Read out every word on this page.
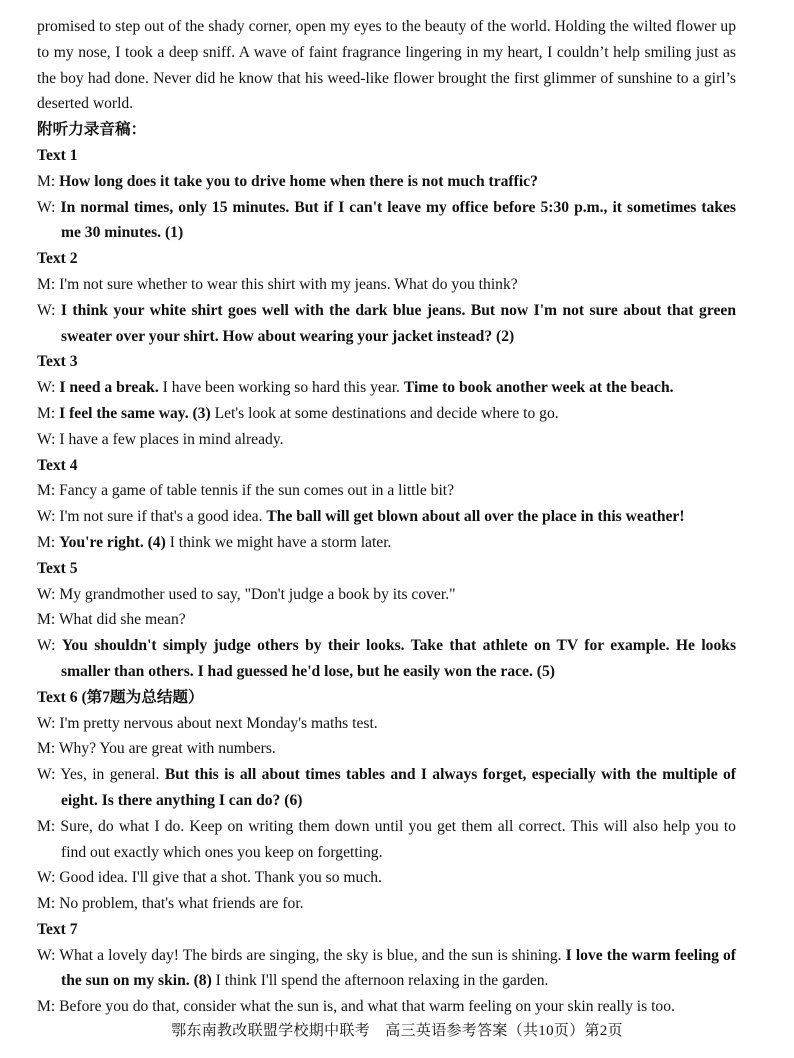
promised to step out of the shady corner, open my eyes to the beauty of the world. Holding the wilted flower up to my nose, I took a deep sniff. A wave of faint fragrance lingering in my heart, I couldn’t help smiling just as the boy had done. Never did he know that his weed-like flower brought the first glimmer of sunshine to a girl’s deserted world.

附听力录音稿：

Text 1

M: How long does it take you to drive home when there is not much traffic?

W: In normal times, only 15 minutes. But if I can't leave my office before 5:30 p.m., it sometimes takes me 30 minutes. (1)

Text 2

M: I'm not sure whether to wear this shirt with my jeans. What do you think?

W: I think your white shirt goes well with the dark blue jeans. But now I'm not sure about that green sweater over your shirt. How about wearing your jacket instead? (2)

Text 3

W: I need a break. I have been working so hard this year. Time to book another week at the beach.

M: I feel the same way. (3) Let's look at some destinations and decide where to go.

W: I have a few places in mind already.

Text 4

M: Fancy a game of table tennis if the sun comes out in a little bit?

W: I'm not sure if that's a good idea. The ball will get blown about all over the place in this weather!

M: You're right. (4) I think we might have a storm later.

Text 5

W: My grandmother used to say, "Don't judge a book by its cover."

M: What did she mean?

W: You shouldn't simply judge others by their looks. Take that athlete on TV for example. He looks smaller than others. I had guessed he'd lose, but he easily won the race. (5)

Text 6 (第7题为总结题）

W: I'm pretty nervous about next Monday's maths test.

M: Why? You are great with numbers.

W: Yes, in general. But this is all about times tables and I always forget, especially with the multiple of eight. Is there anything I can do? (6)

M: Sure, do what I do. Keep on writing them down until you get them all correct. This will also help you to find out exactly which ones you keep on forgetting.

W: Good idea. I'll give that a shot. Thank you so much.

M: No problem, that's what friends are for.

Text 7

W: What a lovely day! The birds are singing, the sky is blue, and the sun is shining. I love the warm feeling of the sun on my skin. (8) I think I'll spend the afternoon relaxing in the garden.

M: Before you do that, consider what the sun is, and what that warm feeling on your skin really is too.

鄂东南教改联盟学校期中联考　高三英语参考答案（共10页）第2页
